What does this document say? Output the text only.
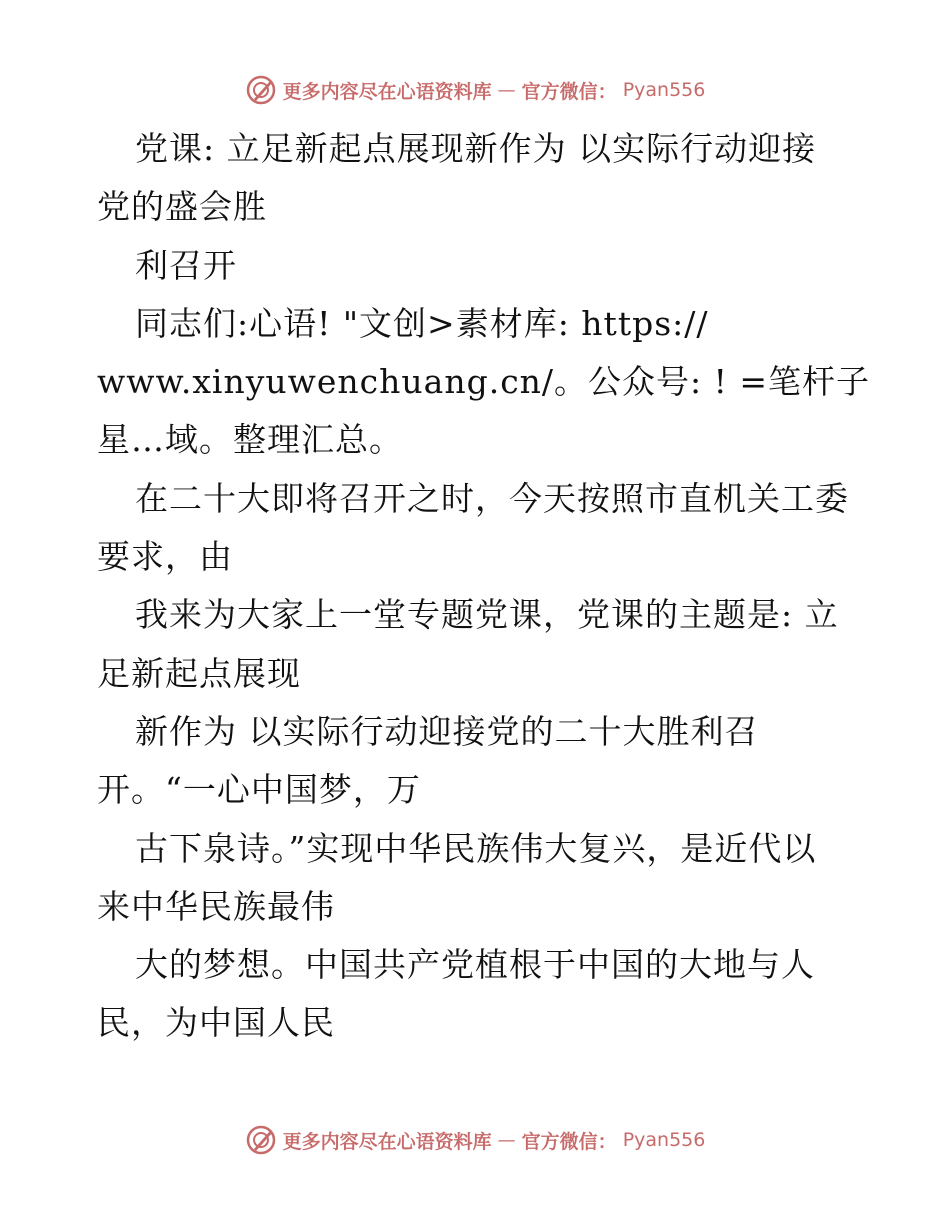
更多内容尽在心语资料库 — 官方微信： Pyan556
党课: 立足新起点展现新作为 以实际行动迎接
党的盛会胜
利召开
同志们:心语! "文创>素材库: https://
www.xinyuwenchuang.cn/。公众号: ! =笔杆子
星…域。整理汇总。
在二十大即将召开之时，今天按照市直机关工委
要求，由
我来为大家上一堂专题党课，党课的主题是: 立
足新起点展现
新作为 以实际行动迎接党的二十大胜利召
开。“一心中国梦，万
古下泉诗。”实现中华民族伟大复兴，是近代以
来中华民族最伟
大的梦想。中国共产党植根于中国的大地与人
民，为中国人民
更多内容尽在心语资料库 — 官方微信： Pyan556
